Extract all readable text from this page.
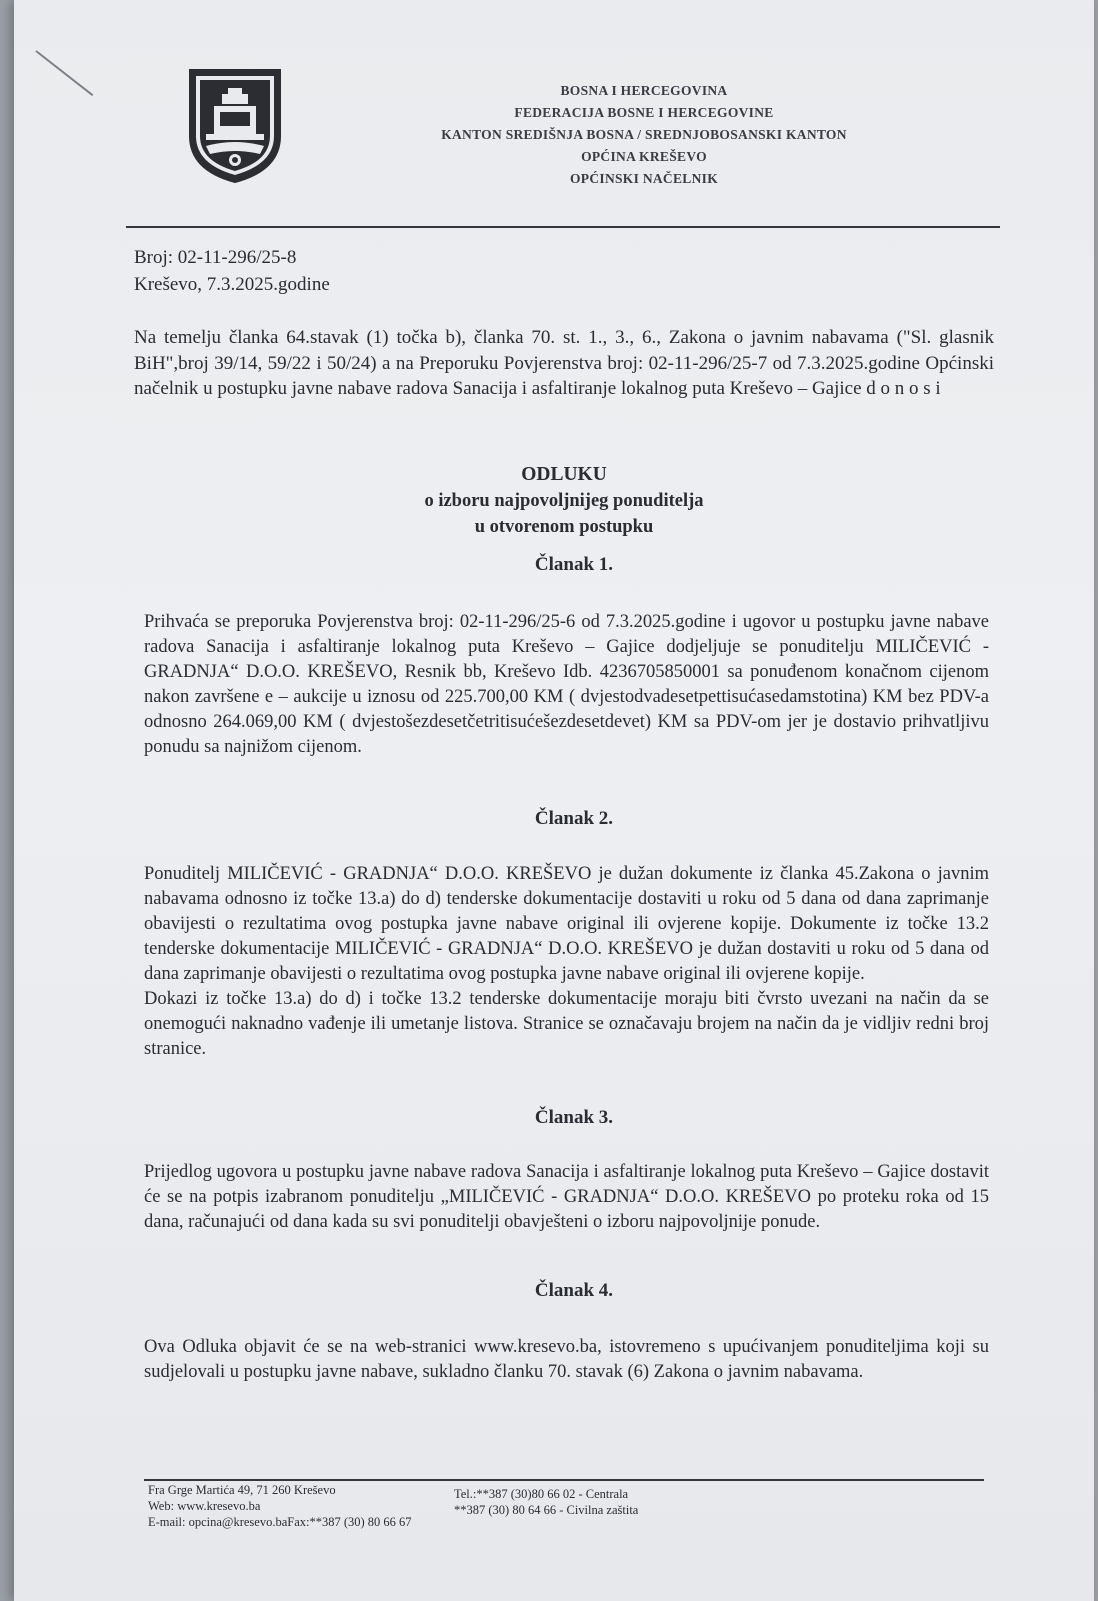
BOSNA I HERCEGOVINA
FEDERACIJA BOSNE I HERCEGOVINE
KANTON SREDIŠNJA BOSNA / SREDNJOBOSANSKI KANTON
OPĆINA KREŠEVO
OPĆINSKI NAČELNIK
Broj: 02-11-296/25-8
Kreševo, 7.3.2025.godine
Na temelju članka 64.stavak (1) točka b), članka 70. st. 1., 3., 6., Zakona o javnim nabavama ("Sl. glasnik BiH",broj 39/14, 59/22 i 50/24) a na Preporuku Povjerenstva broj: 02-11-296/25-7 od 7.3.2025.godine Općinski načelnik u postupku javne nabave radova Sanacija i asfaltiranje lokalnog puta Kreševo – Gajice d o n o s i
ODLUKU
o izboru najpovoljnijeg ponuditelja
u otvorenom postupku
Članak 1.

Prihvaća se preporuka Povjerenstva broj: 02-11-296/25-6 od 7.3.2025.godine i ugovor u postupku javne nabave radova Sanacija i asfaltiranje lokalnog puta Kreševo – Gajice dodjeljuje se ponuditelju MILIČEVIĆ - GRADNJA“ D.O.O. KREŠEVO, Resnik bb, Kreševo Idb. 4236705850001 sa ponuđenom konačnom cijenom nakon završene e – aukcije u iznosu od 225.700,00 KM ( dvjestodvadesetpettisućasedamstotina) KM bez PDV-a odnosno 264.069,00 KM ( dvjestošezdesetčetritisućešezdesetdevet) KM sa PDV-om jer je dostavio prihvatljivu ponudu sa najnižom cijenom.

Članak 2.

Ponuditelj MILIČEVIĆ - GRADNJA“ D.O.O. KREŠEVO je dužan dokumente iz članka 45.Zakona o javnim nabavama odnosno iz točke 13.a) do d) tenderske dokumentacije dostaviti u roku od 5 dana od dana zaprimanje obavijesti o rezultatima ovog postupka javne nabave original ili ovjerene kopije. Dokumente iz točke 13.2 tenderske dokumentacije MILIČEVIĆ - GRADNJA“ D.O.O. KREŠEVO je dužan dostaviti u roku od 5 dana od dana zaprimanje obavijesti o rezultatima ovog postupka javne nabave original ili ovjerene kopije.

Dokazi iz točke 13.a) do d) i točke 13.2 tenderske dokumentacije moraju biti čvrsto uvezani na način da se onemogući naknadno vađenje ili umetanje listova. Stranice se označavaju brojem na način da je vidljiv redni broj stranice.

Članak 3.

Prijedlog ugovora u postupku javne nabave radova Sanacija i asfaltiranje lokalnog puta Kreševo – Gajice dostavit će se na potpis izabranom ponuditelju „MILIČEVIĆ - GRADNJA“ D.O.O. KREŠEVO po proteku roka od 15 dana, računajući od dana kada su svi ponuditelji obavješteni o izboru najpovoljnije ponude.

Članak 4.

Ova Odluka objavit će se na web-stranici www.kresevo.ba, istovremeno s upućivanjem ponuditeljima koji su sudjelovali u postupku javne nabave, sukladno članku 70. stavak (6) Zakona o javnim nabavama.

Fra Grge Martića 49, 71 260 Kreševo
Web: www.kresevo.ba
E-mail: opcina@kresevo.baFax:**387 (30) 80 66 67
Tel.:**387 (30)80 66 02 - Centrala
**387 (30) 80 64 66 - Civilna zaštita
